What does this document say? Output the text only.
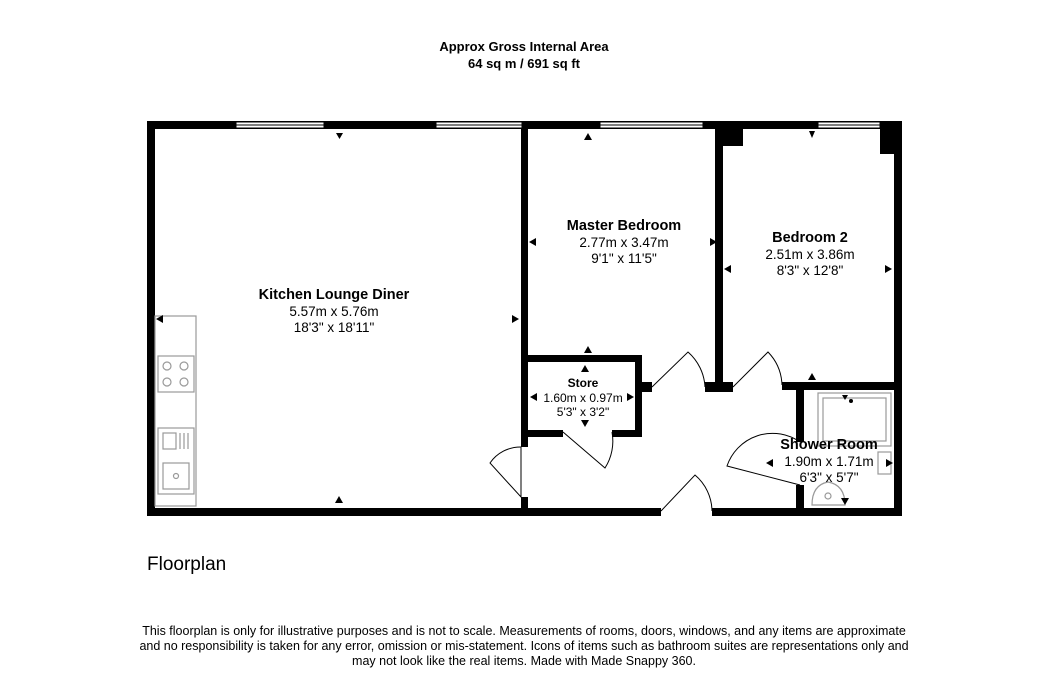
Approx Gross Internal Area
64 sq m / 691 sq ft
Kitchen Lounge Diner
5.57m x 5.76m
18'3" x 18'11"
Master Bedroom
2.77m x 3.47m
9'1" x 11'5"
Bedroom 2
2.51m x 3.86m
8'3" x 12'8"
Store
1.60m x 0.97m
5'3" x 3'2"
Shower Room
1.90m x 1.71m
6'3" x 5'7"
Floorplan
This floorplan is only for illustrative purposes and is not to scale. Measurements of rooms, doors, windows, and any items are approximate
and no responsibility is taken for any error, omission or mis-statement. Icons of items such as bathroom suites are representations only and
may not look like the real items. Made with Made Snappy 360.
